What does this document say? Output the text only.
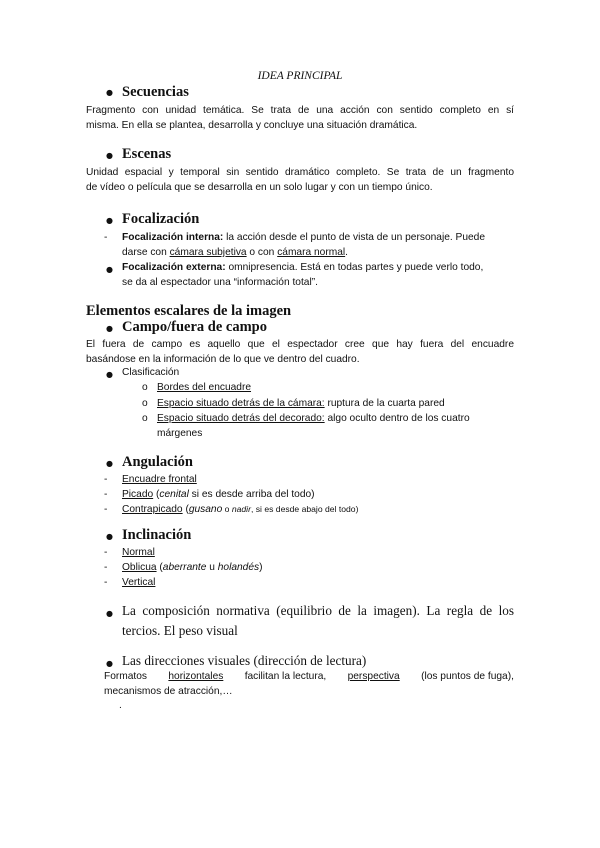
IDEA PRINCIPAL
● Secuencias
Fragmento con unidad temática. Se trata de una acción con sentido completo en sí
misma. En ella se plantea, desarrolla y concluye una situación dramática.
● Escenas
Unidad espacial y temporal sin sentido dramático completo. Se trata de un fragmento
de vídeo o película que se desarrolla en un solo lugar y con un tiempo único.
● Focalización
- Focalización interna: la acción desde el punto de vista de un personaje. Puede
darse con cámara subjetiva o con cámara normal.
● Focalización externa: omnipresencia. Está en todas partes y puede verlo todo,
se da al espectador una “información total”.
Elementos escalares de la imagen
● Campo/fuera de campo
El fuera de campo es aquello que el espectador cree que hay fuera del encuadre
basándose en la información de lo que ve dentro del cuadro.
● Clasificación
o Bordes del encuadre
o Espacio situado detrás de la cámara: ruptura de la cuarta pared
o Espacio situado detrás del decorado: algo oculto dentro de los cuatro
márgenes
● Angulación
- Encuadre frontal
- Picado (cenital si es desde arriba del todo)
- Contrapicado (gusano o nadir, si es desde abajo del todo)
● Inclinación
- Normal
- Oblicua (aberrante u holandés)
- Vertical
● La composición normativa (equilibrio de la imagen). La regla de los
tercios. El peso visual
● Las direcciones visuales (dirección de lectura)
Formatos horizontales facilitan la lectura, perspectiva (los puntos de fuga),
mecanismos de atracción,…
.
